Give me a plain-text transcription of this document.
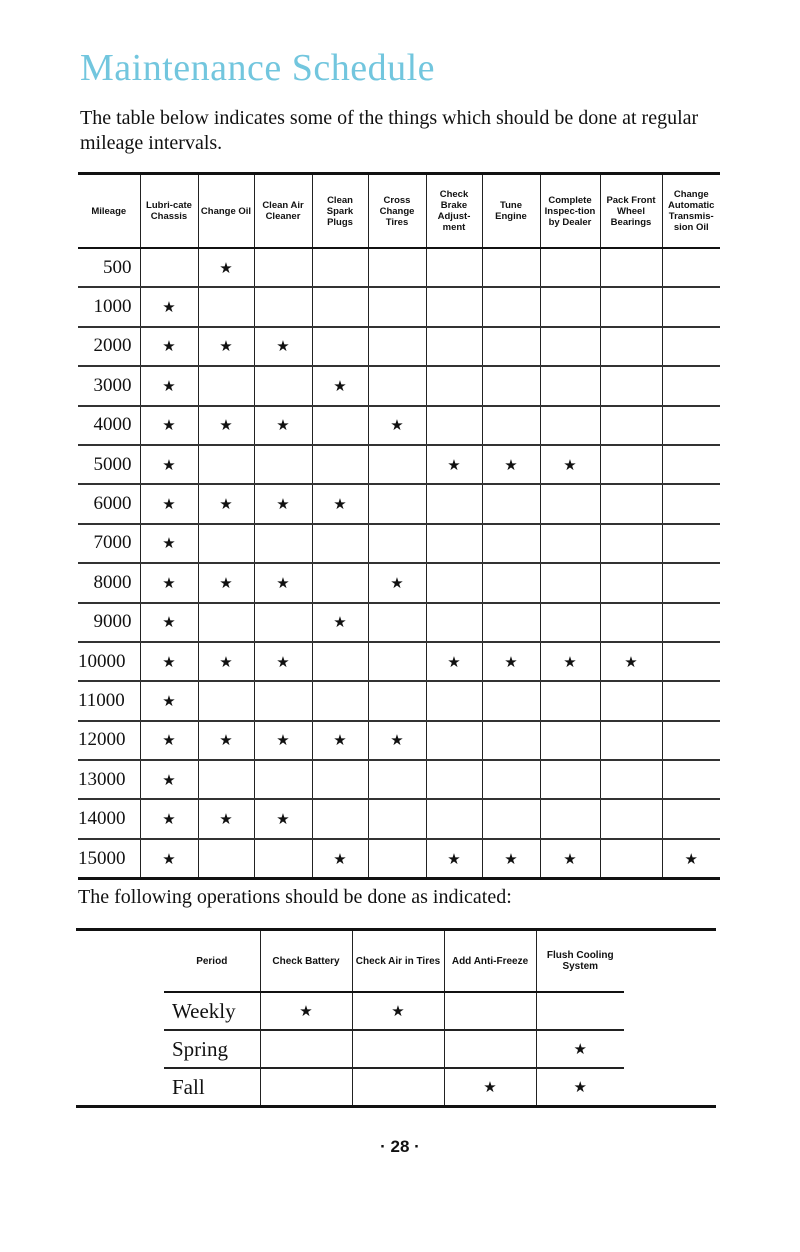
Maintenance Schedule

The table below indicates some of the things which should be done at regular mileage intervals.

Mileage	Lubri-cate Chassis	Change Oil	Clean Air Cleaner	Clean Spark Plugs	Cross Change Tires	Check Brake Adjust-ment	Tune Engine	Complete Inspec-tion by Dealer	Pack Front Wheel Bearings	Change Automatic Transmis-sion Oil
500		★								
1000	★									
2000	★	★	★							
3000	★			★						
4000	★	★	★		★					
5000	★					★	★	★		
6000	★	★	★	★						
7000	★									
8000	★	★	★		★					
9000	★			★						
10000	★	★	★			★	★	★	★	
11000	★									
12000	★	★	★	★	★					
13000	★									
14000	★	★	★							
15000	★			★		★	★	★		★

The following operations should be done as indicated:

	Period	Check Battery	Check Air in Tires	Add Anti-Freeze	Flush Cooling System	
	Weekly	★	★			
	Spring				★	
	Fall			★	★	
· 28 ·
